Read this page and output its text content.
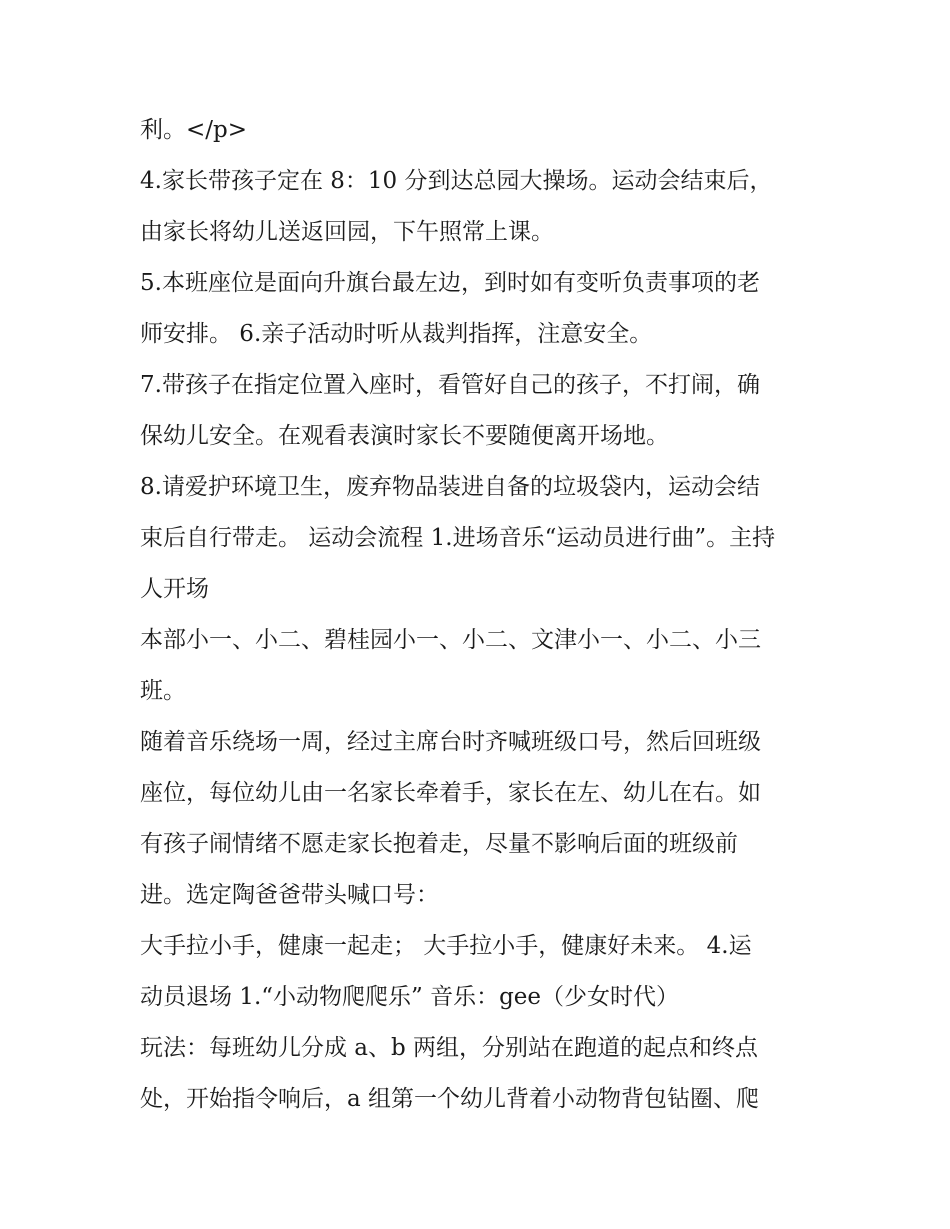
利。</p>
4.家长带孩子定在 8：10 分到达总园大操场。运动会结束后，
由家长将幼儿送返回园，下午照常上课。
5.本班座位是面向升旗台最左边，到时如有变听负责事项的老
师安排。 6.亲子活动时听从裁判指挥，注意安全。
7.带孩子在指定位置入座时，看管好自己的孩子，不打闹，确
保幼儿安全。在观看表演时家长不要随便离开场地。
8.请爱护环境卫生，废弃物品装进自备的垃圾袋内，运动会结
束后自行带走。 运动会流程 1.进场音乐“运动员进行曲”。主持
人开场
本部小一、小二、碧桂园小一、小二、文津小一、小二、小三
班。
随着音乐绕场一周，经过主席台时齐喊班级口号，然后回班级
座位，每位幼儿由一名家长牵着手，家长在左、幼儿在右。如
有孩子闹情绪不愿走家长抱着走，尽量不影响后面的班级前
进。选定陶爸爸带头喊口号：
大手拉小手，健康一起走； 大手拉小手，健康好未来。 4.运
动员退场 1.“小动物爬爬乐” 音乐：gee（少女时代）
玩法：每班幼儿分成 a、b 两组，分别站在跑道的起点和终点
处，开始指令响后，a 组第一个幼儿背着小动物背包钻圈、爬
